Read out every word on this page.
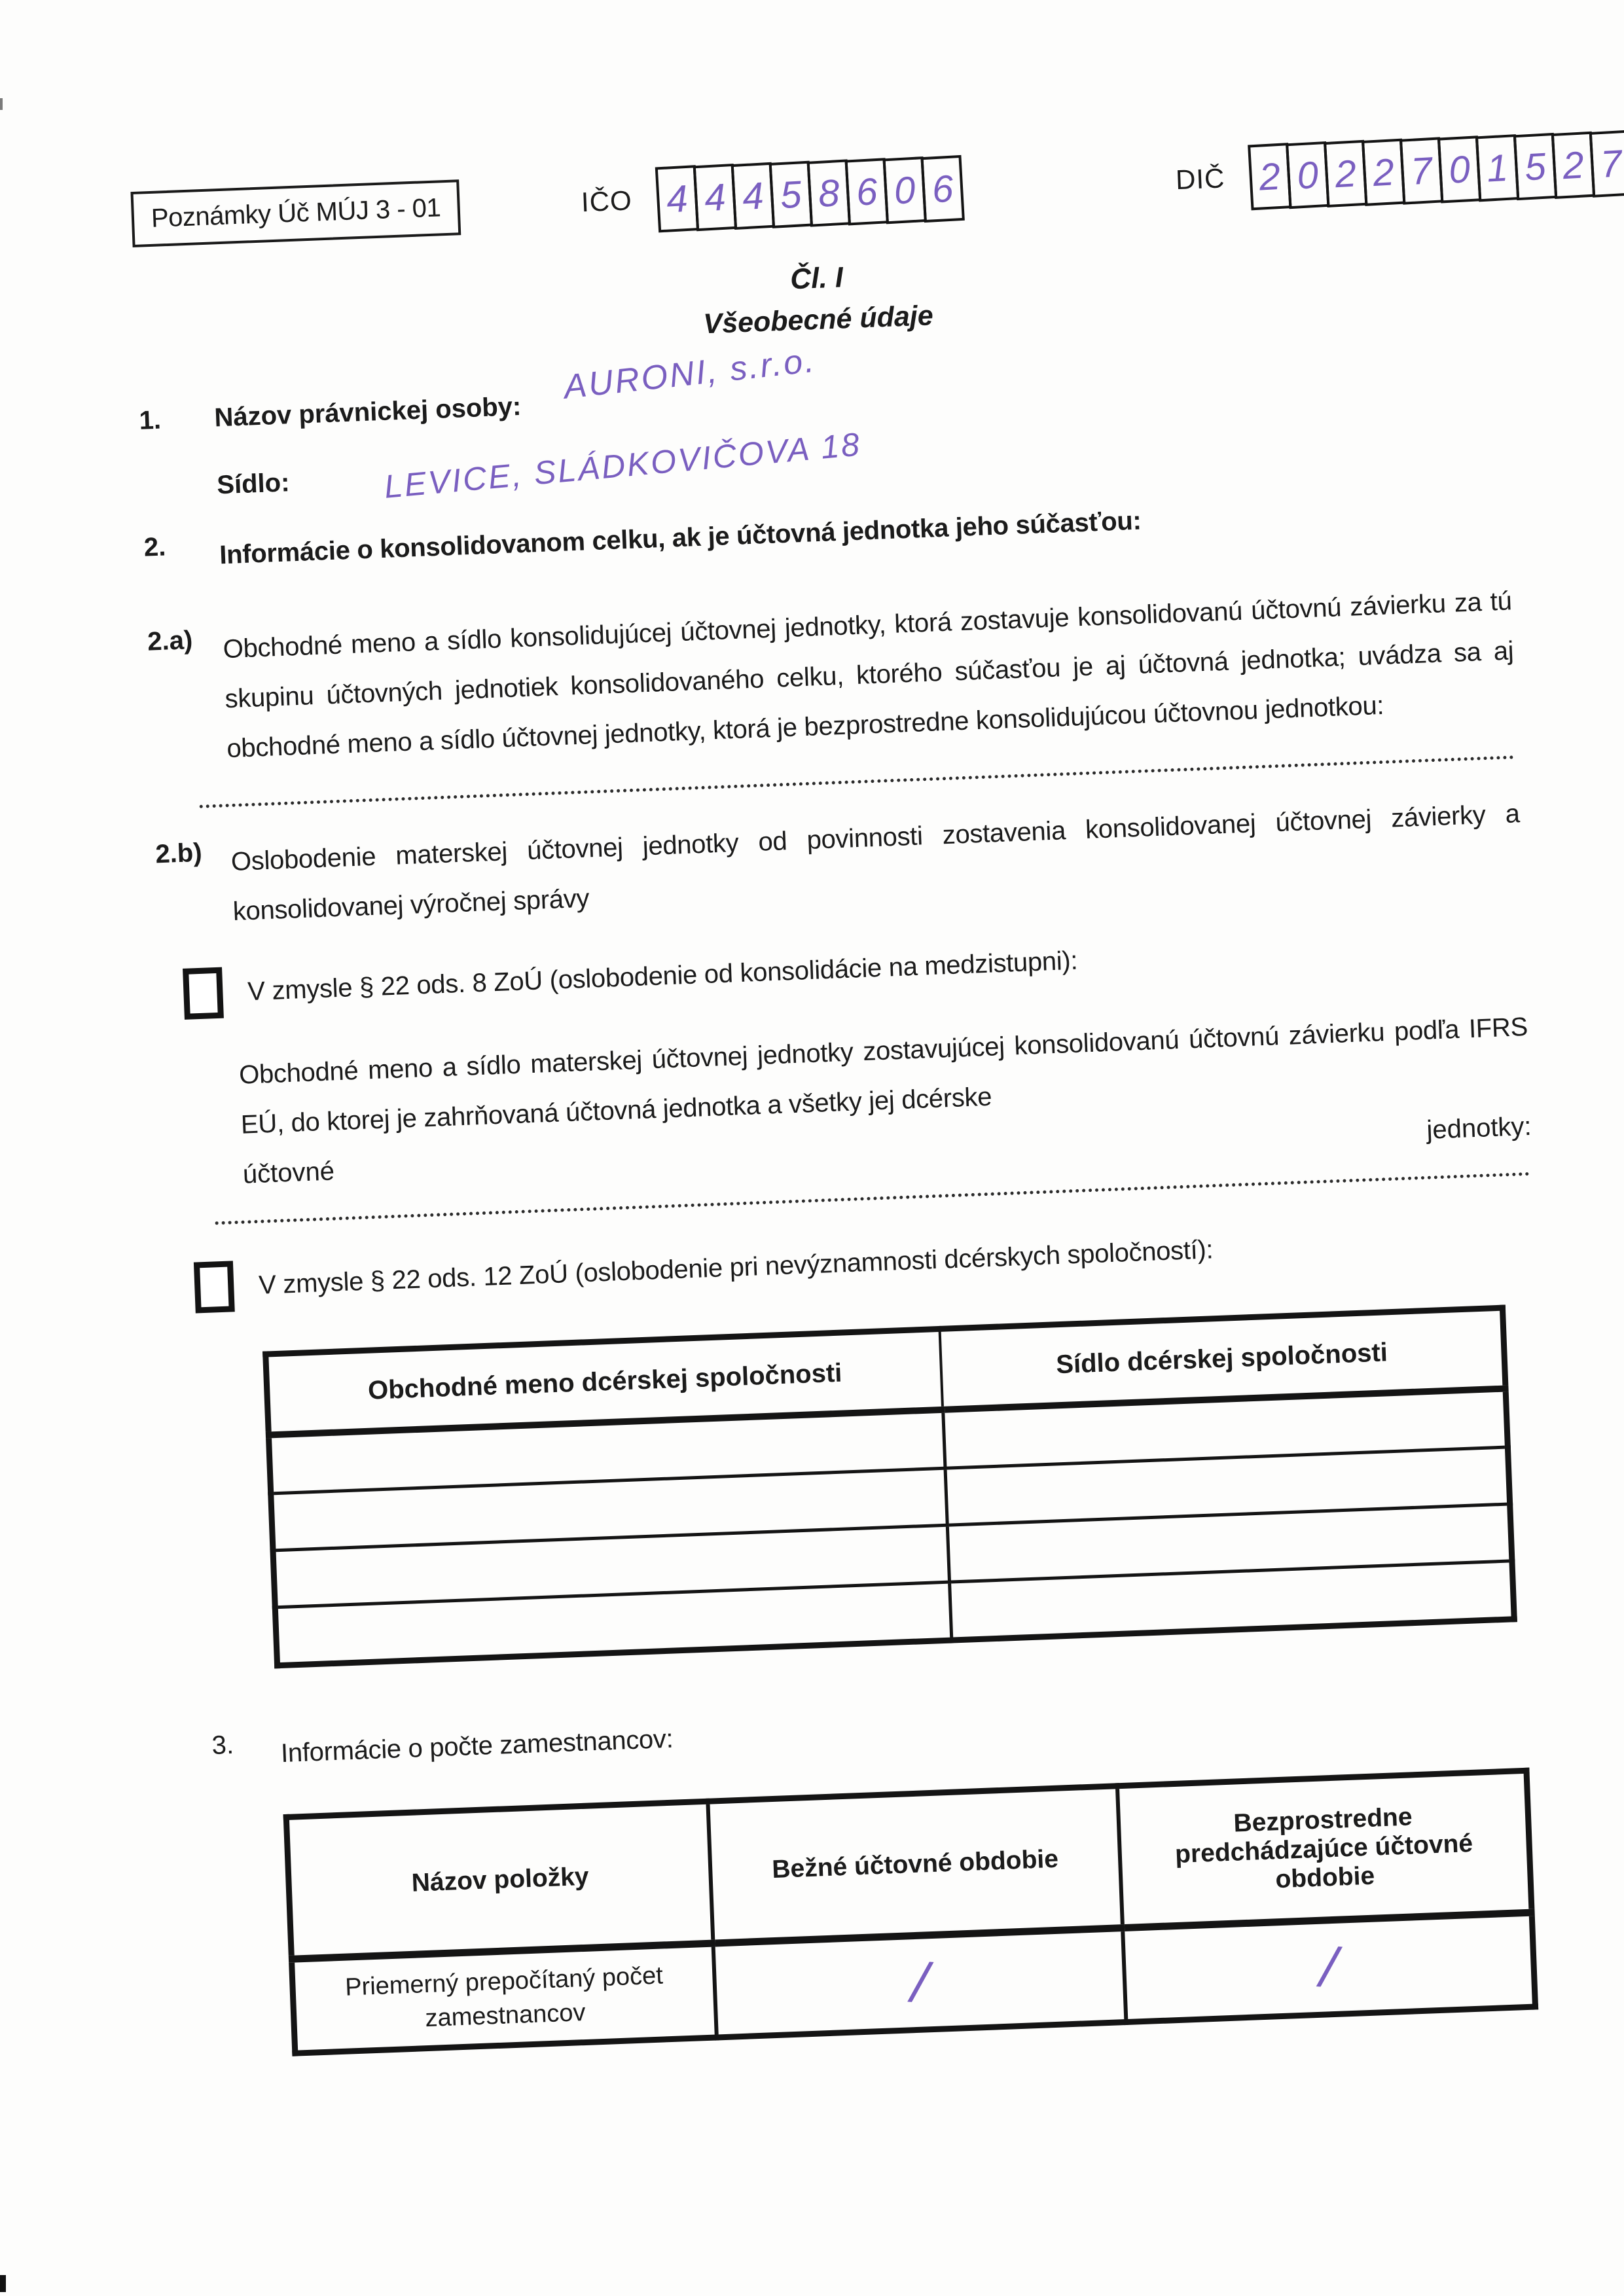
Poznámky Úč MÚJ 3 - 01	IČO 4 4 4 5 8 6 0 6	DIČ 2 0 2 2 7 0 1 5 2 7
Čl. I
Všeobecné údaje
1.	Názov právnickej osoby:
AURONI, s.r.o.
Sídlo:	LEVICE, SLÁDKOVIČOVA 18
2.	Informácie o konsolidovanom celku, ak je účtovná jednotka jeho súčasťou:
2.a)	Obchodné meno a sídlo konsolidujúcej účtovnej jednotky, ktorá zostavuje konsolidovanú účtovnú závierku za tú skupinu účtovných jednotiek konsolidovaného celku, ktorého súčasťou je aj účtovná jednotka; uvádza sa aj obchodné meno a sídlo účtovnej jednotky, ktorá je bezprostredne konsolidujúcou účtovnou jednotkou:
2.b)	Oslobodenie materskej účtovnej jednotky od povinnosti zostavenia konsolidovanej účtovnej závierky a konsolidovanej výročnej správy
V zmysle § 22 ods. 8 ZoÚ (oslobodenie od konsolidácie na medzistupni):
Obchodné meno a sídlo materskej účtovnej jednotky zostavujúcej konsolidovanú účtovnú závierku podľa IFRS EÚ, do ktorej je zahrňovaná účtovná jednotka a všetky jej dcérske
účtovné
jednotky:
V zmysle § 22 ods. 12 ZoÚ (oslobodenie pri nevýznamnosti dcérskych spoločností):
Obchodné meno dcérskej spoločnosti	Sídlo dcérskej spoločnosti

3.	Informácie o počte zamestnancov:
Názov položky	Bežné účtovné obdobie	Bezprostredne predchádzajúce účtovné obdobie
Priemerný prepočítaný počet zamestnancov	/	/
